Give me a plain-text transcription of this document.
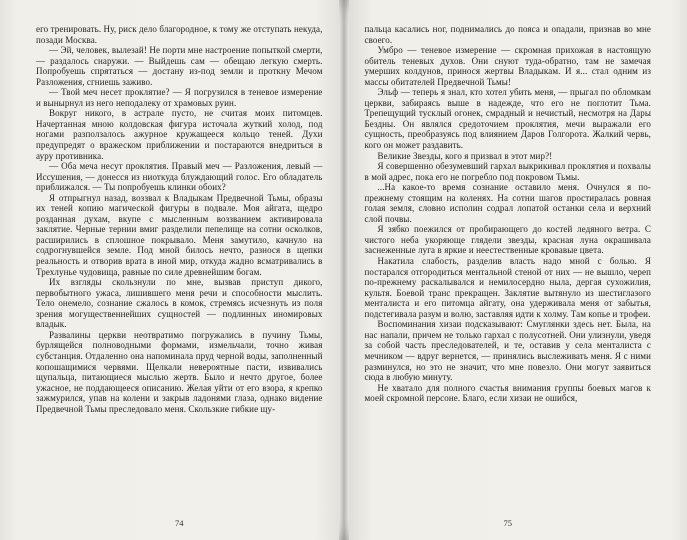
его тренировать. Ну, риск дело благородное, к тому же отступать некуда, позади Москва.

— Эй, человек, вылезай! Не порти мне настроение попыткой смерти, — раздалось снаружи. — Выйдешь сам — обещаю легкую смерть. Попробуешь спрятаться — достану из-под земли и проткну Мечом Разложения, сгниешь заживо.

— Твой меч несет проклятие? — Я погрузился в теневое измерение и вынырнул из него неподалеку от храмовых руин.

Вокруг никого, в астрале пусто, не считая моих питомцев. Начертанная мною колдовская фигура источала жуткий холод, под ногами разползалось ажурное кружащееся кольцо теней. Духи предупредят о вражеском приближении и постараются внедриться в ауру противника.

— Оба меча несут проклятия. Правый меч — Разложения, левый — Иссушения, — донесся из ниоткуда блуждающий голос. Его обладатель приближался. — Ты попробуешь клинки обоих?

Я отпрыгнул назад, воззвал к Владыкам Предвечной Тьмы, образы их теней копию магической фигуры в подвале. Моя айгата, щедро розданная духам, вкупе с мысленным воззванием активировала заклятие. Черные тернии вмиг разделили пепелище на сотни осколков, расширились в сплошное покрывало. Меня замутило, качнуло на содрогнувшейся земле. Под мной билось нечто, разнося в щепки реальность и отворив врата в иной мир, откуда жадно всматривались в Трехлунье чудовища, равные по силе древнейшим богам.

Их взгляды скользнули по мне, вызвав приступ дикого, первобытного ужаса, лишившего меня речи и способности мыслить. Тело онемело, сознание сжалось в комок, стремясь исчезнуть из поля зрения могущественнейших сущностей — подлинных иномировых владык.

Развалины церкви неотвратимо погружались в пучину Тьмы, бурлящейся полноводными формами, измельчали, точно живая субстанция. Отдаленно она напоминала пруд черной воды, заполненный копошащимися червями. Щелкали невероятные пасти, извивались щупальца, питающиеся мыслью жертв. Было и нечто другое, более ужасное, не поддающееся описанию. Желая уйти от его взора, я крепко зажмурился, упав на колени и закрыв ладонями глаза, однако видение Предвечной Тьмы преследовало меня. Скользкие гибкие щу-

74

пальца касались ног, поднимались до пояса и опадали, признав во мне своего.

Умбро — теневое измерение — скромная прихожая в настоящую обитель теневых духов. Они снуют туда-обратно, там не замечая умерших колдунов, принося жертвы Владыкам. И я... стал одним из массы обитателей Предвечной Тьмы!

Эльф — теперь я знал, кто хотел убить меня, — прыгал по обломкам церкви, забираясь выше в надежде, что его не поглотит Тьма. Трепещущий тусклый огонек, смрадный и нечистый, несмотря на Дары Бездны. Он являлся средоточием проклятия, мечи выражали его сущность, преобразуясь под влиянием Даров Голгорота. Жалкий червь, кого он может раздавить.

Великие Звезды, кого я призвал в этот мир?!

Я совершенно обезумевший гархал выкрикивал проклятия и похвалы в мой адрес, пока его не погребло под покровом Тьмы.

...На какое-то время сознание оставило меня. Очнулся я по-прежнему стоящим на коленях. На сотни шагов простиралась ровная голая земля, словно исполин содрал лопатой останки села и верхний слой почвы.

Я зябко поежился от пробирающего до костей ледяного ветра. С чистого неба укоряюще глядели звезды, красная луна окрашивала заснеженные луга в яркие и неестественные кровавые цвета.

Накатила слабость, разделив власть надо мной с болью. Я постарался отгородиться ментальной стеной от них — не вышло, череп по-прежнему раскалывался и немилосердно ныла, дергая сухожилия, культя. Боевой транс прекращен. Заклятие вытянуло из шестиглазого менталиста и его питомца айгату, она удерживала меня от забытья, подстегивала разум и волю, заставляя идти к холму. Там копье и трофеи.

Воспоминания хизаи подсказывают: Смуглянки здесь нет. Была, на нас напали, причем не только гархал с полусотней. Они улизнули, уведя за собой часть преследователей, и те, оставив у села менталиста с мечником — вдруг вернется, — принялись выслеживать меня. Я с ними разминулся, но это не значит, что мне повезло. Они могут заявиться сюда в любую минуту.

Не хватало для полного счастья внимания группы боевых магов к моей скромной персоне. Благо, если хизаи не ошибся,

75
